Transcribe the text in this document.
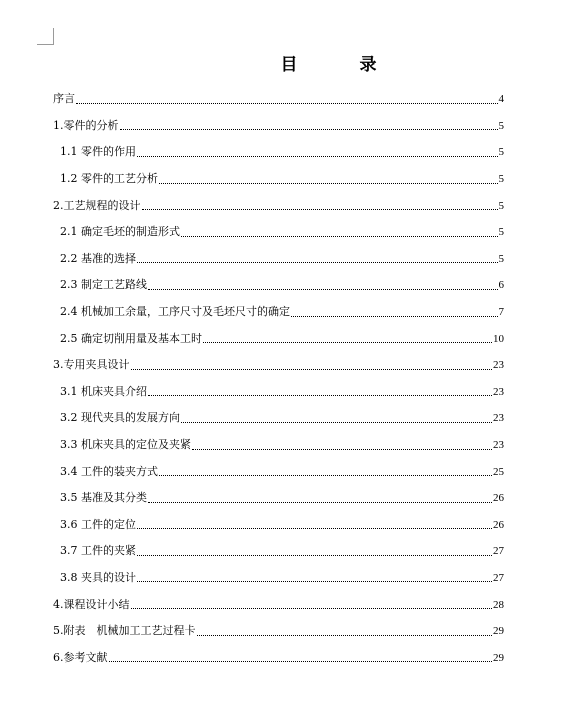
目 录
序言	4
1.零件的分析	5
1.1 零件的作用	5
1.2 零件的工艺分析	5
2.工艺规程的设计	5
2.1 确定毛坯的制造形式	5
2.2 基准的选择	5
2.3 制定工艺路线	6
2.4 机械加工余量，工序尺寸及毛坯尺寸的确定	7
2.5 确定切削用量及基本工时	10
3.专用夹具设计	23
3.1 机床夹具介绍	23
3.2 现代夹具的发展方向	23
3.3 机床夹具的定位及夹紧	23
3.4 工件的装夹方式	25
3.5 基准及其分类	26
3.6 工件的定位	26
3.7 工件的夹紧	27
3.8 夹具的设计	27
4.课程设计小结	28
5.附表　机械加工工艺过程卡	29
6.参考文献	29
